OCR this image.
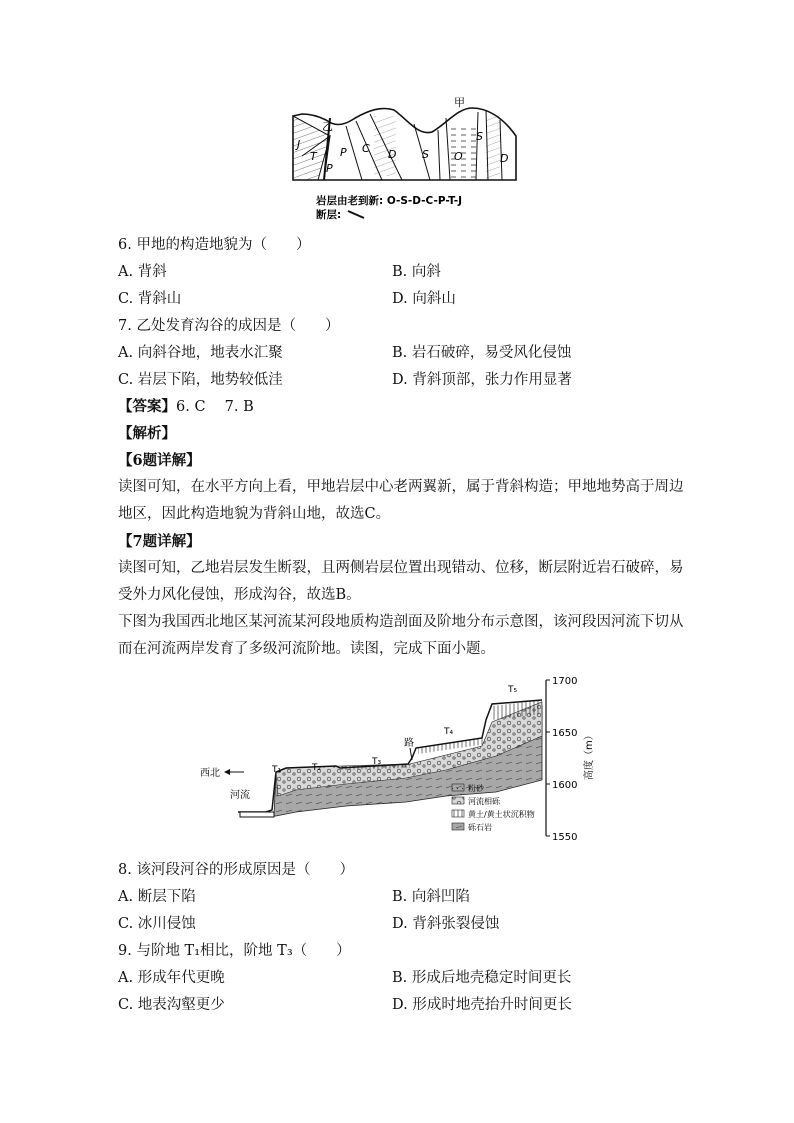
甲
乙
J
T P
P
C D S O
S
D
岩层由老到新: O-S-D-C-P-T-J
断层:
6. 甲地的构造地貌为（　　）
A. 背斜	B. 向斜
C. 背斜山	D. 向斜山
7. 乙处发育沟谷的成因是（　　）
A. 向斜谷地，地表水汇聚	B. 岩石破碎，易受风化侵蚀
C. 岩层下陷，地势较低洼	D. 背斜顶部，张力作用显著
【答案】6. C　 7. B
【解析】
【6题详解】
读图可知，在水平方向上看，甲地岩层中心老两翼新，属于背斜构造；甲地地势高于周边地区，因此构造地貌为背斜山地，故选C。
【7题详解】
读图可知，乙地岩层发生断裂，且两侧岩层位置出现错动、位移，断层附近岩石破碎，易受外力风化侵蚀，形成沟谷，故选B。
下图为我国西北地区某河流某河段地质构造剖面及阶地分布示意图，该河段因河流下切从而在河流两岸发育了多级河流阶地。读图，完成下面小题。
1700
1650
1600
1550
高度（m）
西北
河流
路
T₁	T₂
T₃
T₄
T₅
粉砂
河流相砾
黄土/黄土状沉积物
砾石岩
8. 该河段河谷的形成原因是（　　）
A. 断层下陷	B. 向斜凹陷
C. 冰川侵蚀	D. 背斜张裂侵蚀
9. 与阶地 T₁相比，阶地 T₃（　　）
A. 形成年代更晚	B. 形成后地壳稳定时间更长
C. 地表沟壑更少	D. 形成时地壳抬升时间更长
